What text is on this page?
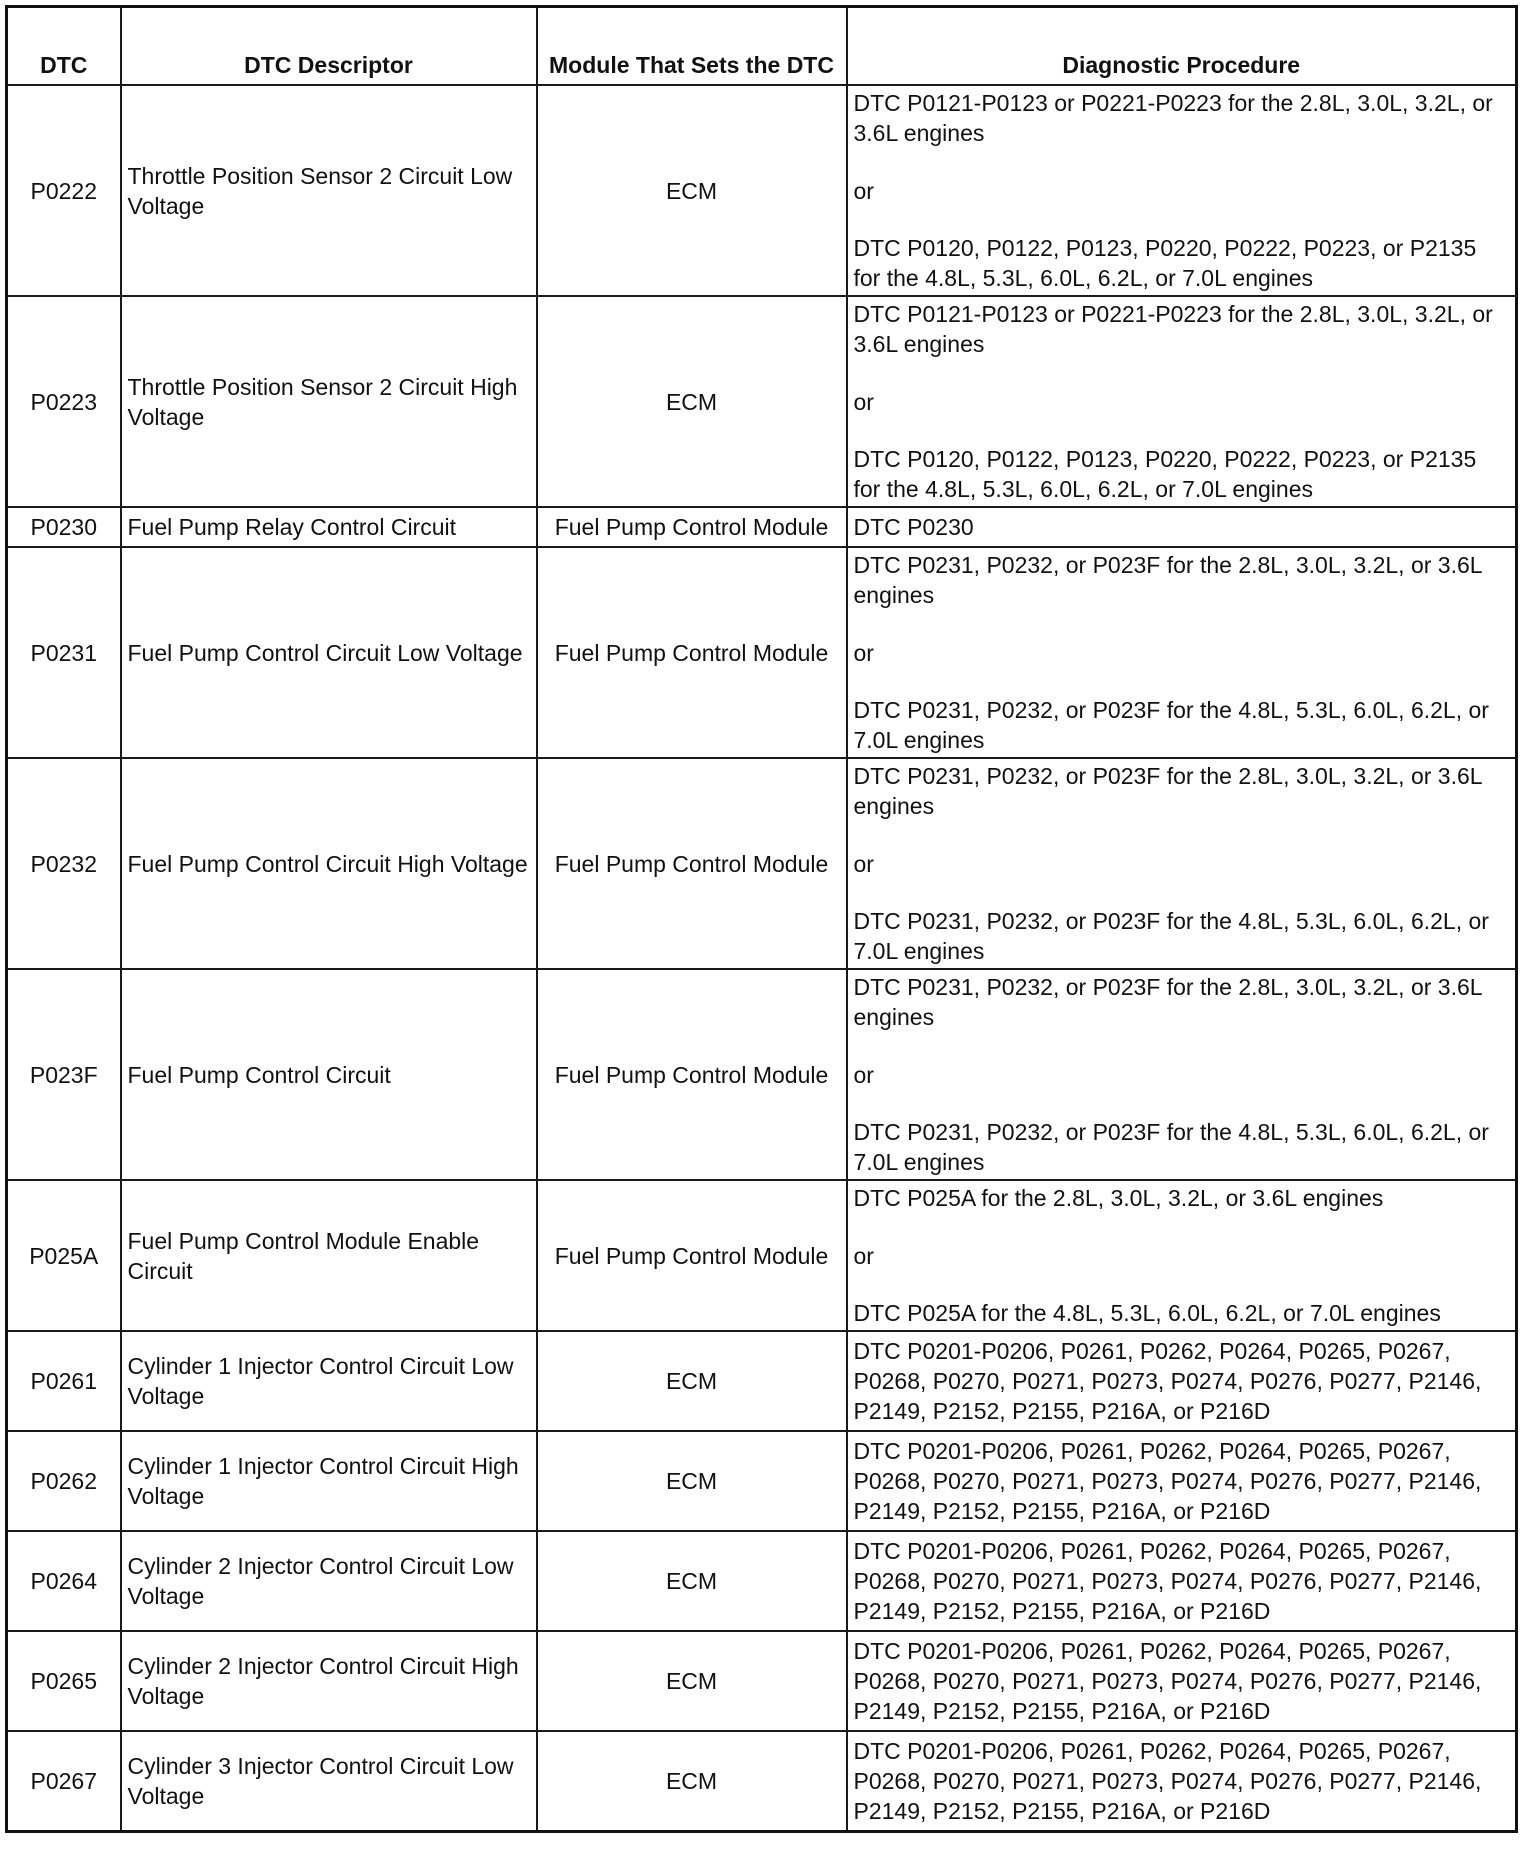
DTC	DTC Descriptor	Module That Sets the DTC	Diagnostic Procedure
P0222	Throttle Position Sensor 2 Circuit Low Voltage	ECM	DTC P0121-P0123 or P0221-P0223 for the 2.8L, 3.0L, 3.2L, or 3.6L engines
or
DTC P0120, P0122, P0123, P0220, P0222, P0223, or P2135 for the 4.8L, 5.3L, 6.0L, 6.2L, or 7.0L engines

P0223	Throttle Position Sensor 2 Circuit High Voltage	ECM	DTC P0121-P0123 or P0221-P0223 for the 2.8L, 3.0L, 3.2L, or 3.6L engines
or
DTC P0120, P0122, P0123, P0220, P0222, P0223, or P2135 for the 4.8L, 5.3L, 6.0L, 6.2L, or 7.0L engines

P0230	Fuel Pump Relay Control Circuit	Fuel Pump Control Module	DTC P0230
P0231	Fuel Pump Control Circuit Low Voltage	Fuel Pump Control Module	DTC P0231, P0232, or P023F for the 2.8L, 3.0L, 3.2L, or 3.6L engines
or
DTC P0231, P0232, or P023F for the 4.8L, 5.3L, 6.0L, 6.2L, or 7.0L engines

P0232	Fuel Pump Control Circuit High Voltage	Fuel Pump Control Module	DTC P0231, P0232, or P023F for the 2.8L, 3.0L, 3.2L, or 3.6L engines
or
DTC P0231, P0232, or P023F for the 4.8L, 5.3L, 6.0L, 6.2L, or 7.0L engines

P023F	Fuel Pump Control Circuit	Fuel Pump Control Module	DTC P0231, P0232, or P023F for the 2.8L, 3.0L, 3.2L, or 3.6L engines
or
DTC P0231, P0232, or P023F for the 4.8L, 5.3L, 6.0L, 6.2L, or 7.0L engines

P025A	Fuel Pump Control Module Enable Circuit	Fuel Pump Control Module	DTC P025A for the 2.8L, 3.0L, 3.2L, or 3.6L engines
or
DTC P025A for the 4.8L, 5.3L, 6.0L, 6.2L, or 7.0L engines

P0261	Cylinder 1 Injector Control Circuit Low Voltage	ECM	DTC P0201-P0206, P0261, P0262, P0264, P0265, P0267, P0268, P0270, P0271, P0273, P0274, P0276, P0277, P2146, P2149, P2152, P2155, P216A, or P216D
P0262	Cylinder 1 Injector Control Circuit High Voltage	ECM	DTC P0201-P0206, P0261, P0262, P0264, P0265, P0267, P0268, P0270, P0271, P0273, P0274, P0276, P0277, P2146, P2149, P2152, P2155, P216A, or P216D
P0264	Cylinder 2 Injector Control Circuit Low Voltage	ECM	DTC P0201-P0206, P0261, P0262, P0264, P0265, P0267, P0268, P0270, P0271, P0273, P0274, P0276, P0277, P2146, P2149, P2152, P2155, P216A, or P216D
P0265	Cylinder 2 Injector Control Circuit High Voltage	ECM	DTC P0201-P0206, P0261, P0262, P0264, P0265, P0267, P0268, P0270, P0271, P0273, P0274, P0276, P0277, P2146, P2149, P2152, P2155, P216A, or P216D
P0267	Cylinder 3 Injector Control Circuit Low Voltage	ECM	DTC P0201-P0206, P0261, P0262, P0264, P0265, P0267, P0268, P0270, P0271, P0273, P0274, P0276, P0277, P2146, P2149, P2152, P2155, P216A, or P216D
